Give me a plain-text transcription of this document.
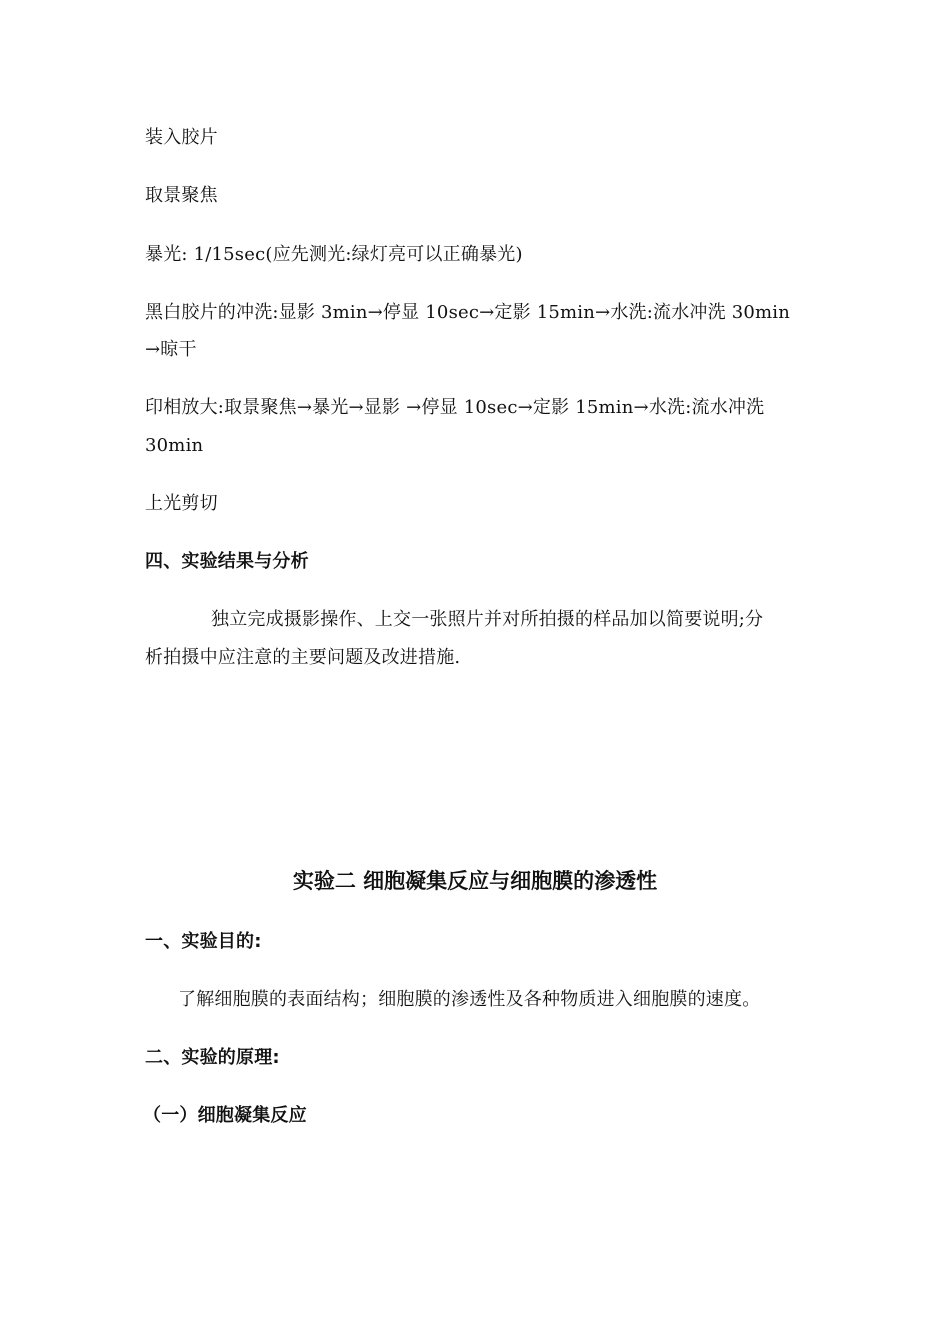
装入胶片
取景聚焦
暴光: 1/15sec(应先测光:绿灯亮可以正确暴光)
黑白胶片的冲洗:显影 3min→停显 10sec→定影 15min→水洗:流水冲洗 30min
→晾干
印相放大:取景聚焦→暴光→显影 →停显 10sec→定影 15min→水洗:流水冲洗
30min
上光剪切
四、实验结果与分析
独立完成摄影操作、上交一张照片并对所拍摄的样品加以简要说明;分
析拍摄中应注意的主要问题及改进措施.
实验二 细胞凝集反应与细胞膜的渗透性
一、实验目的:
了解细胞膜的表面结构；细胞膜的渗透性及各种物质进入细胞膜的速度。
二、实验的原理:
（一）细胞凝集反应
